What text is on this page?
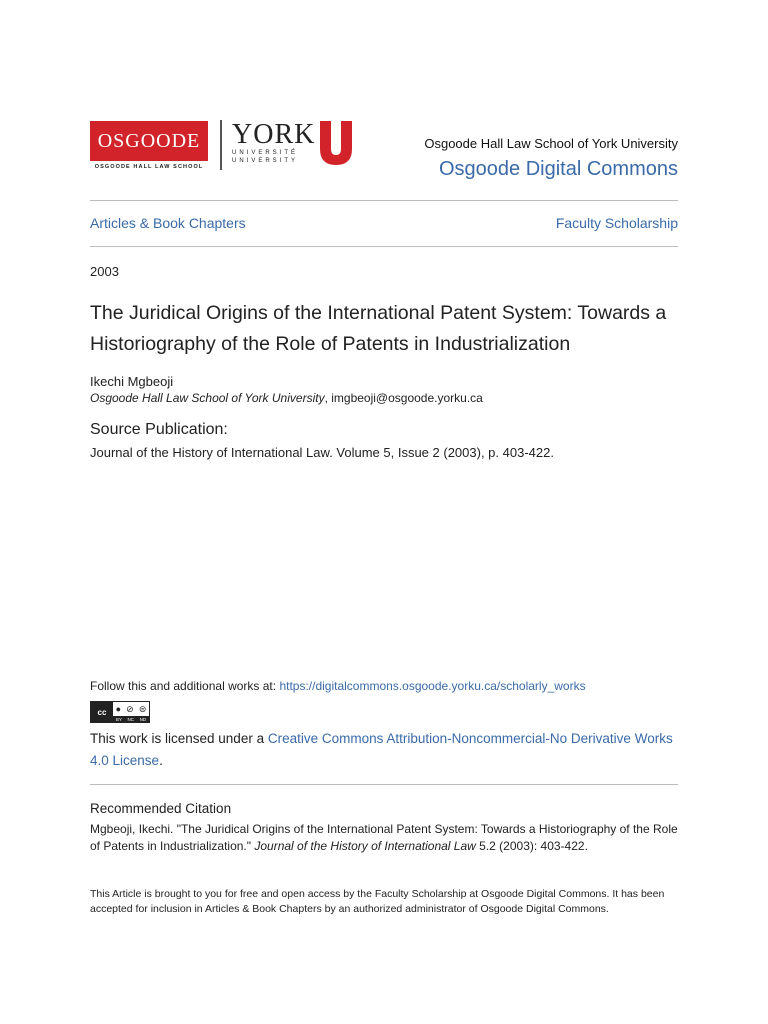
OSGOODE
OSGOODE HALL LAW SCHOOL
YORK
UNIVERSITÉ
UNIVERSITY
Osgoode Hall Law School of York University
Osgoode Digital Commons
Articles & Book Chapters	Faculty Scholarship
2003
The Juridical Origins of the International Patent System: Towards a Historiography of the Role of Patents in Industrialization
Ikechi Mgbeoji
Osgoode Hall Law School of York University, imgbeoji@osgoode.yorku.ca
Source Publication:
Journal of the History of International Law. Volume 5, Issue 2 (2003), p. 403-422.
Follow this and additional works at: https://digitalcommons.osgoode.yorku.ca/scholarly_works
cc	● ⊘ ⊜
BY NC ND
This work is licensed under a Creative Commons Attribution-Noncommercial-No Derivative Works 4.0 License.
Recommended Citation
Mgbeoji, Ikechi. "The Juridical Origins of the International Patent System: Towards a Historiography of the Role of Patents in Industrialization." Journal of the History of International Law 5.2 (2003): 403-422.
This Article is brought to you for free and open access by the Faculty Scholarship at Osgoode Digital Commons. It has been accepted for inclusion in Articles & Book Chapters by an authorized administrator of Osgoode Digital Commons.
